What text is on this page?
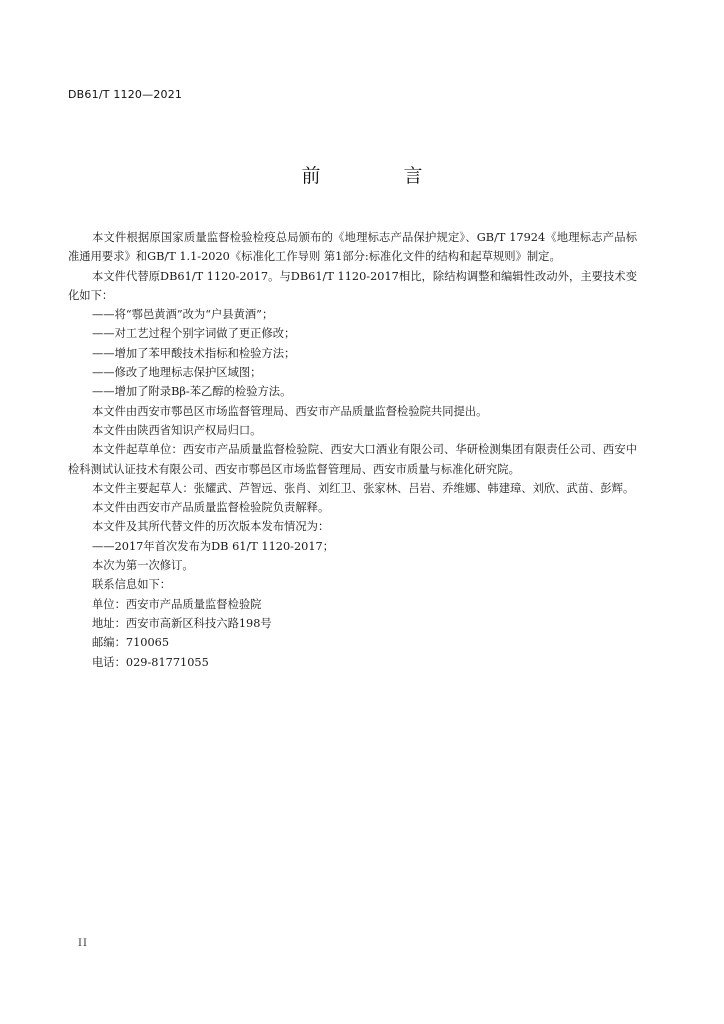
DB61/T 1120—2021
前　言

本文件根据原国家质量监督检验检疫总局颁布的《地理标志产品保护规定》、GB/T 17924《地理标志产品标准通用要求》和GB/T 1.1-2020《标准化工作导则 第1部分:标准化文件的结构和起草规则》制定。

本文件代替原DB61/T 1120-2017。与DB61/T 1120-2017相比，除结构调整和编辑性改动外，主要技术变化如下：

——将“鄠邑黄酒”改为“户县黄酒”；

——对工艺过程个别字词做了更正修改；

——增加了苯甲酸技术指标和检验方法；

——修改了地理标志保护区域图；

——增加了附录Bβ-苯乙醇的检验方法。

本文件由西安市鄠邑区市场监督管理局、西安市产品质量监督检验院共同提出。

本文件由陕西省知识产权局归口。

本文件起草单位：西安市产品质量监督检验院、西安大口酒业有限公司、华研检测集团有限责任公司、西安中检科测试认证技术有限公司、西安市鄠邑区市场监督管理局、西安市质量与标准化研究院。

本文件主要起草人：张耀武、芦智远、张肖、刘红卫、张家林、吕岩、乔维娜、韩建璋、刘欣、武苗、彭辉。

本文件由西安市产品质量监督检验院负责解释。

本文件及其所代替文件的历次版本发布情况为：

——2017年首次发布为DB 61/T 1120-2017；

本次为第一次修订。

联系信息如下：

单位：西安市产品质量监督检验院

地址：西安市高新区科技六路198号

邮编：710065

电话：029-81771055

II
